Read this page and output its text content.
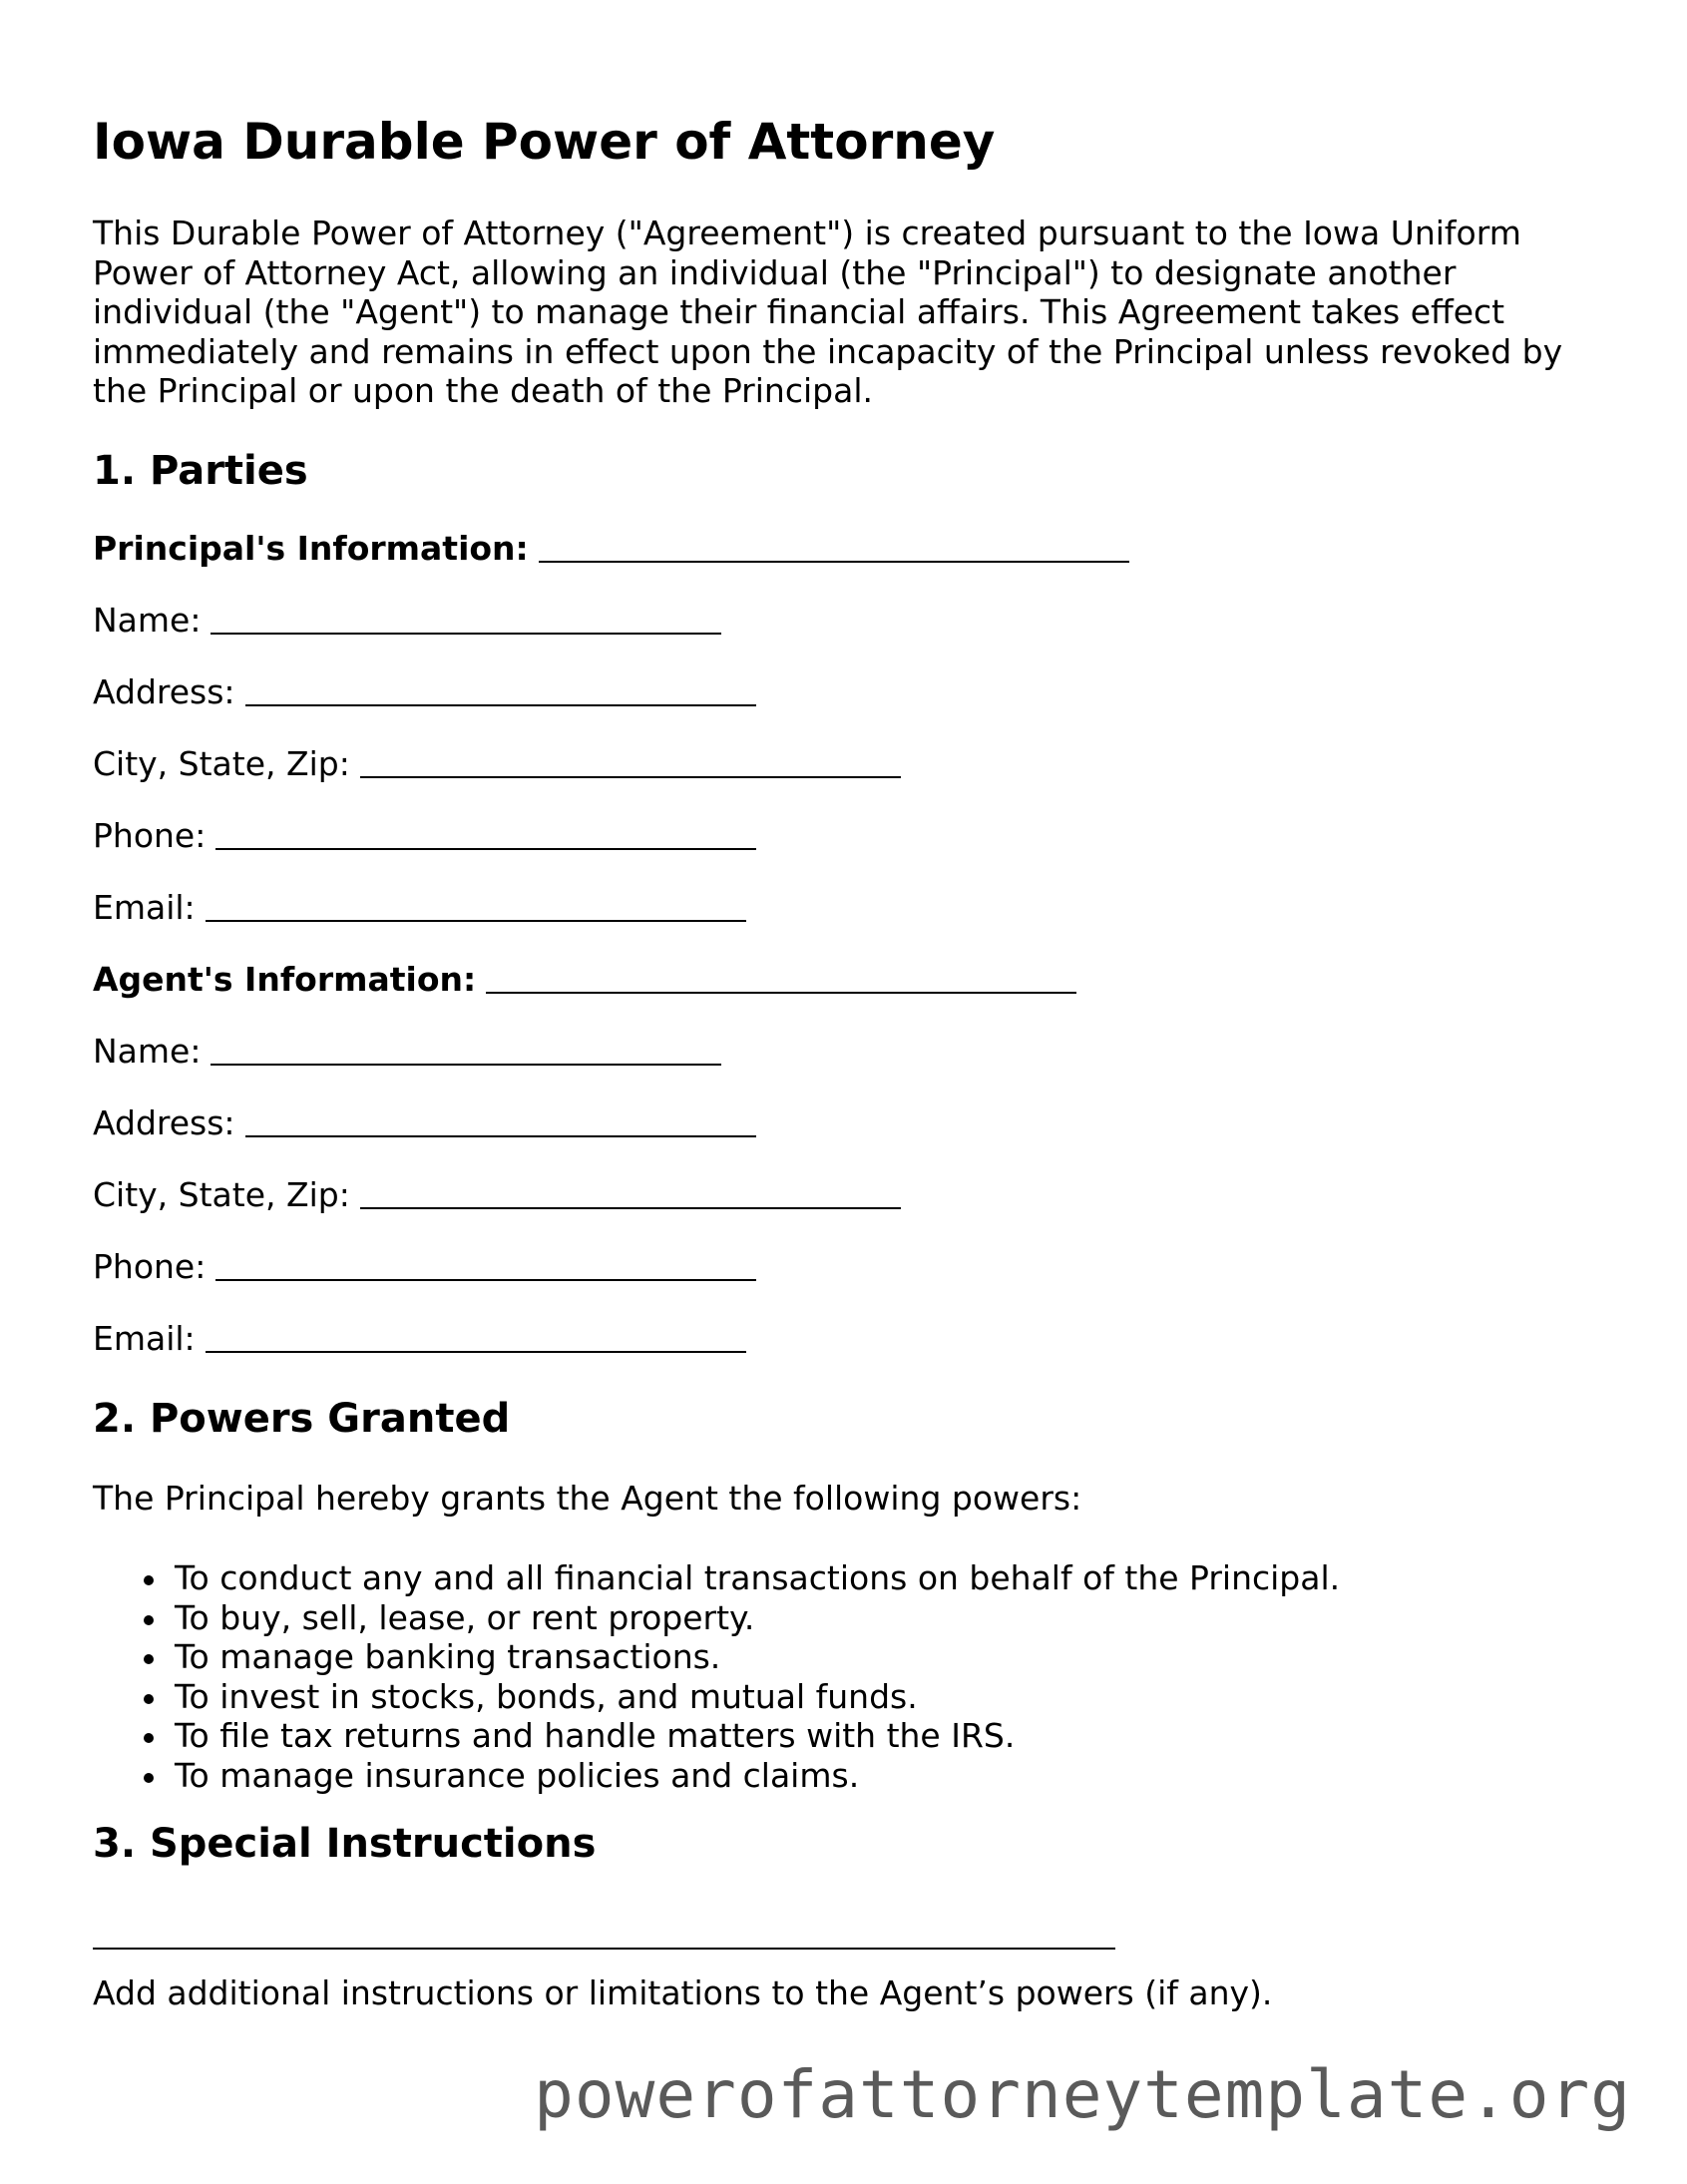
Iowa Durable Power of Attorney

This Durable Power of Attorney ("Agreement") is created pursuant to the Iowa Uniform Power of Attorney Act, allowing an individual (the "Principal") to designate another individual (the "Agent") to manage their financial affairs. This Agreement takes effect immediately and remains in effect upon the incapacity of the Principal unless revoked by the Principal or upon the death of the Principal.

1. Parties
Principal's Information:
Name:
Address:
City, State, Zip:
Phone:
Email:
Agent's Information:
Name:
Address:
City, State, Zip:
Phone:
Email:
2. Powers Granted

The Principal hereby grants the Agent the following powers:

To conduct any and all financial transactions on behalf of the Principal.
To buy, sell, lease, or rent property.
To manage banking transactions.
To invest in stocks, bonds, and mutual funds.
To file tax returns and handle matters with the IRS.
To manage insurance policies and claims.
3. Special Instructions

Add additional instructions or limitations to the Agent’s powers (if any).

powerofattorneytemplate.org
